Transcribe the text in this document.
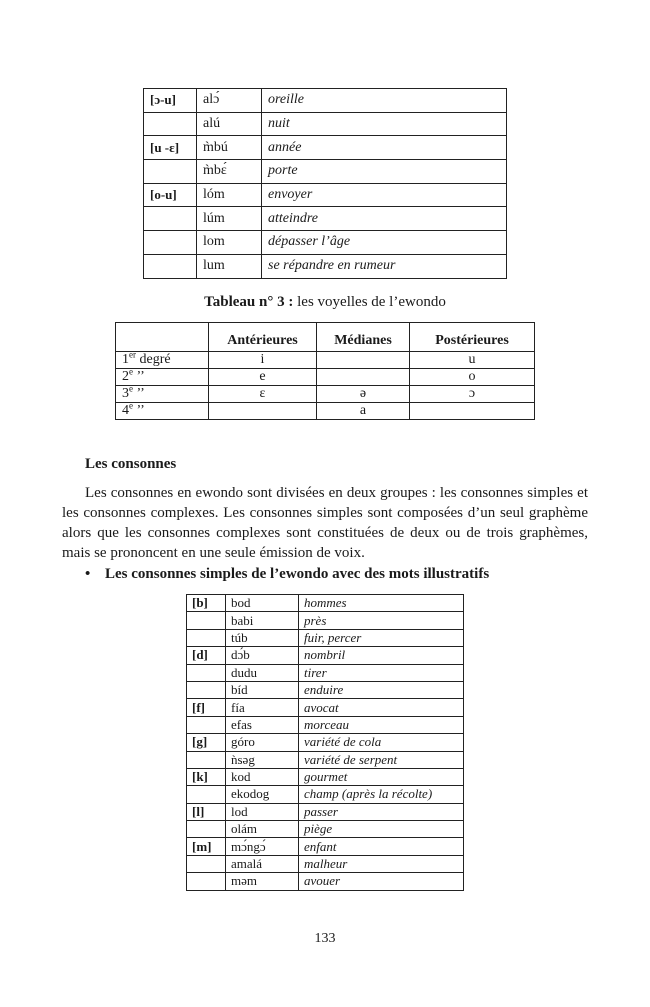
[ɔ-u]	alɔ́	oreille
	alú	nuit
[u -ɛ]	m̀bú	année
	m̀bɛ́	porte
[o-u]	lóm	envoyer
	lúm	atteindre
	lom	dépasser l’âge
	lum	se répandre en rumeur
Tableau n° 3 : les voyelles de l’ewondo
	Antérieures	Médianes	Postérieures
1er degré	i		u
2e ’’	e		o
3e ’’	ɛ	ə	ɔ
4e ’’		a	
Les consonnes

Les consonnes en ewondo sont divisées en deux groupes : les consonnes simples et les consonnes complexes. Les consonnes simples sont composées d’un seul graphème alors que les consonnes complexes sont constituées de deux ou de trois graphèmes, mais se prononcent en une seule émission de voix.

• Les consonnes simples de l’ewondo avec des mots illustratifs
[b]	bod	hommes
	babi	près
	túb	fuir, percer
[d]	dɔ́b	nombril
	dudu	tirer
	bíd	enduire
[f]	fía	avocat
	efas	morceau
[g]	góro	variété de cola
	ǹsəg	variété de serpent
[k]	kod	gourmet
	ekodog	champ (après la récolte)
[l]	lod	passer
	olám	piège
[m]	mɔ́ngɔ́	enfant
	amalá	malheur
	məm	avouer
133
